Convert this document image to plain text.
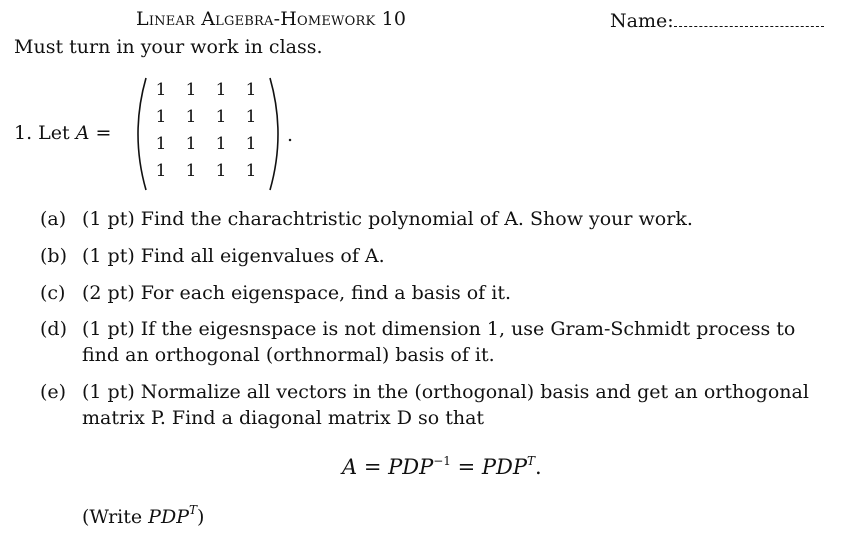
Linear Algebra-Homework 10	Name:
Must turn in your work in class.
1. Let A =
1 1 1 1
1 1 1 1
1 1 1 1
1 1 1 1
.
(a) (1 pt) Find the charachtristic polynomial of A. Show your work.
(b) (1 pt) Find all eigenvalues of A.
(c) (2 pt) For each eigenspace, find a basis of it.
(d) (1 pt) If the eigesnspace is not dimension 1, use Gram-Schmidt process to find an orthogonal (orthnormal) basis of it.
(e) (1 pt) Normalize all vectors in the (orthogonal) basis and get an orthogonal matrix P. Find a diagonal matrix D so that
$A = PDP^{-1} = PDP^T$.
(Write $PDP^T$)
